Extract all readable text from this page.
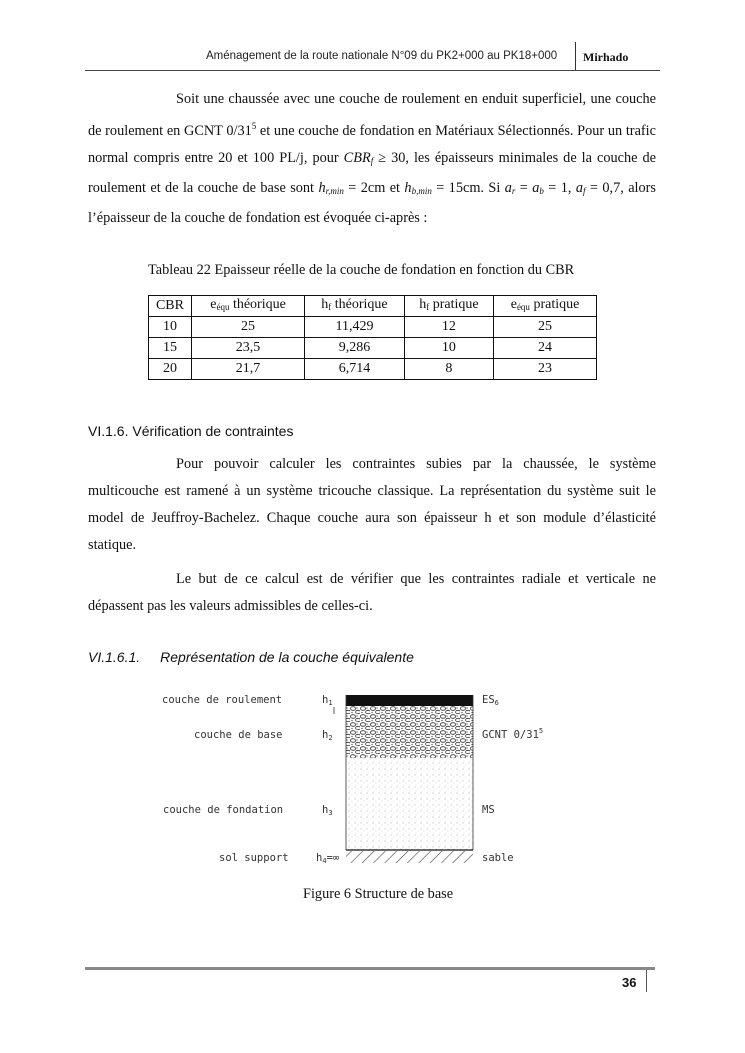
Aménagement de la route nationale N°09 du PK2+000 au PK18+000 Mirhado
Soit une chaussée avec une couche de roulement en enduit superficiel, une couche de roulement en GCNT $0/31^5$ et une couche de fondation en Matériaux Sélectionnés. Pour un trafic normal compris entre 20 et 100 PL/j, pour $CBR_f \ge 30$, les épaisseurs minimales de la couche de roulement et de la couche de base sont $h_{r,min} = 2cm$ et $h_{b,min} = 15cm$. Si $a_r = a_b = 1$, $a_f = 0,7$, alors l’épaisseur de la couche de fondation est évoquée ci-après :
Tableau 22 Epaisseur réelle de la couche de fondation en fonction du CBR
CBR	$e_{équ}$ théorique	$h_f$ théorique	$h_f$ pratique	$e_{équ}$ pratique
10	25	11,429	12	25
15	23,5	9,286	10	24
20	21,7	6,714	8	23
VI.1.6. Vérification de contraintes
Pour pouvoir calculer les contraintes subies par la chaussée, le système multicouche est ramené à un système tricouche classique. La représentation du système suit le model de Jeuffroy-Bachelez. Chaque couche aura son épaisseur h et son module d’élasticité statique.
Le but de ce calcul est de vérifier que les contraintes radiale et verticale ne dépassent pas les valeurs admissibles de celles-ci.
VI.1.6.1. Représentation de la couche équivalente
couche de roulement
couche de base
couche de fondation
sol support
h1
h2
h3
h4=∞
ES6
GCNT $0/31^5$
MS
sable
Figure 6 Structure de base
36
